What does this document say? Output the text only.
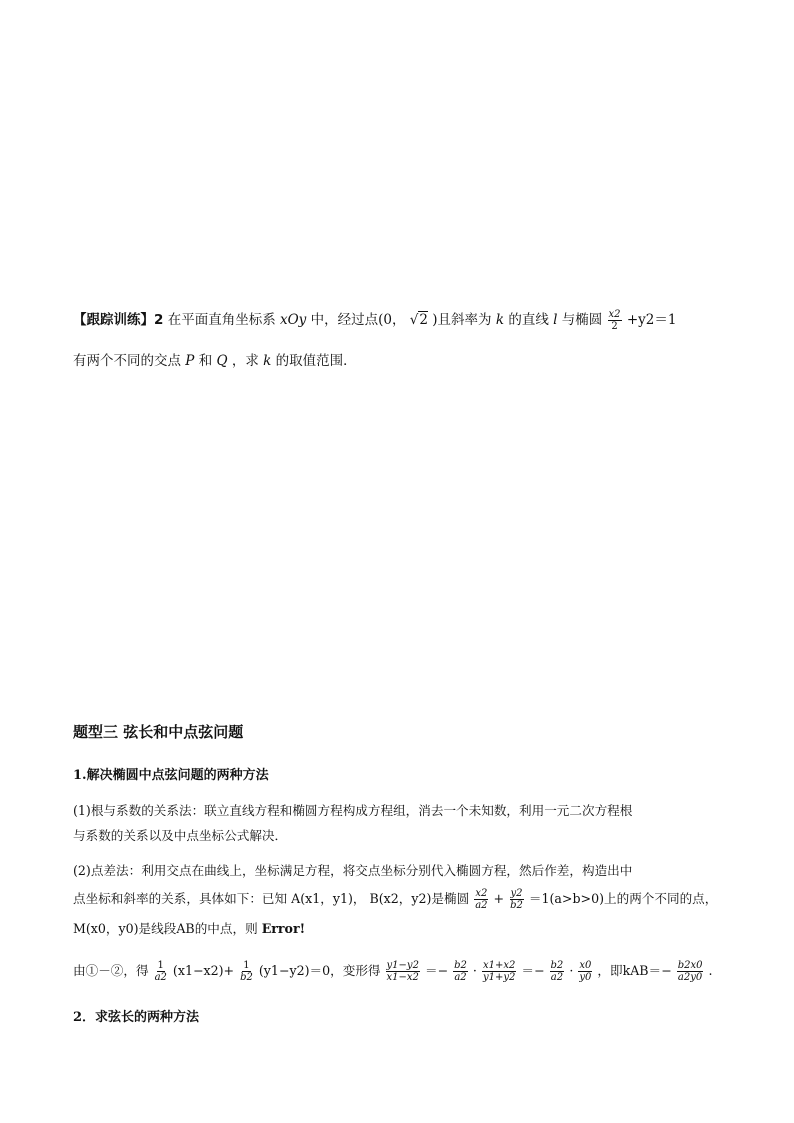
【跟踪训练】2 在平面直角坐标系 xOy 中，经过点(0， √2 )且斜率为 k 的直线 l 与椭圆 $\frac{x2}{2} +y2=1$
有两个不同的交点 P 和 Q ，求 k 的取值范围．
题型三 弦长和中点弦问题
1.解决椭圆中点弦问题的两种方法
(1)根与系数的关系法：联立直线方程和椭圆方程构成方程组，消去一个未知数，利用一元二次方程根
与系数的关系以及中点坐标公式解决．
(2)点差法：利用交点在曲线上，坐标满足方程，将交点坐标分别代入椭圆方程，然后作差，构造出中
点坐标和斜率的关系，具体如下：已知 A(x1，y1)， B(x2，y2)是椭圆 $\frac{x2}{a2} + \frac{y2}{b2} =1(a>b>0)$上的两个不同的点，
M(x0，y0)是线段AB的中点，则 Error!
由①－②，得 $\frac{1}{a2} (x1-x2)+ \frac{1}{b2} (y1-y2)=0$，变形得 $\frac{y1-y2}{x1-x2} =- \frac{b2}{a2} \cdot \frac{x1+x2}{y1+y2} =- \frac{b2}{a2} \cdot \frac{x0}{y0}$ ，即$kAB=- \frac{b2x0}{a2y0}$ .
2．求弦长的两种方法
